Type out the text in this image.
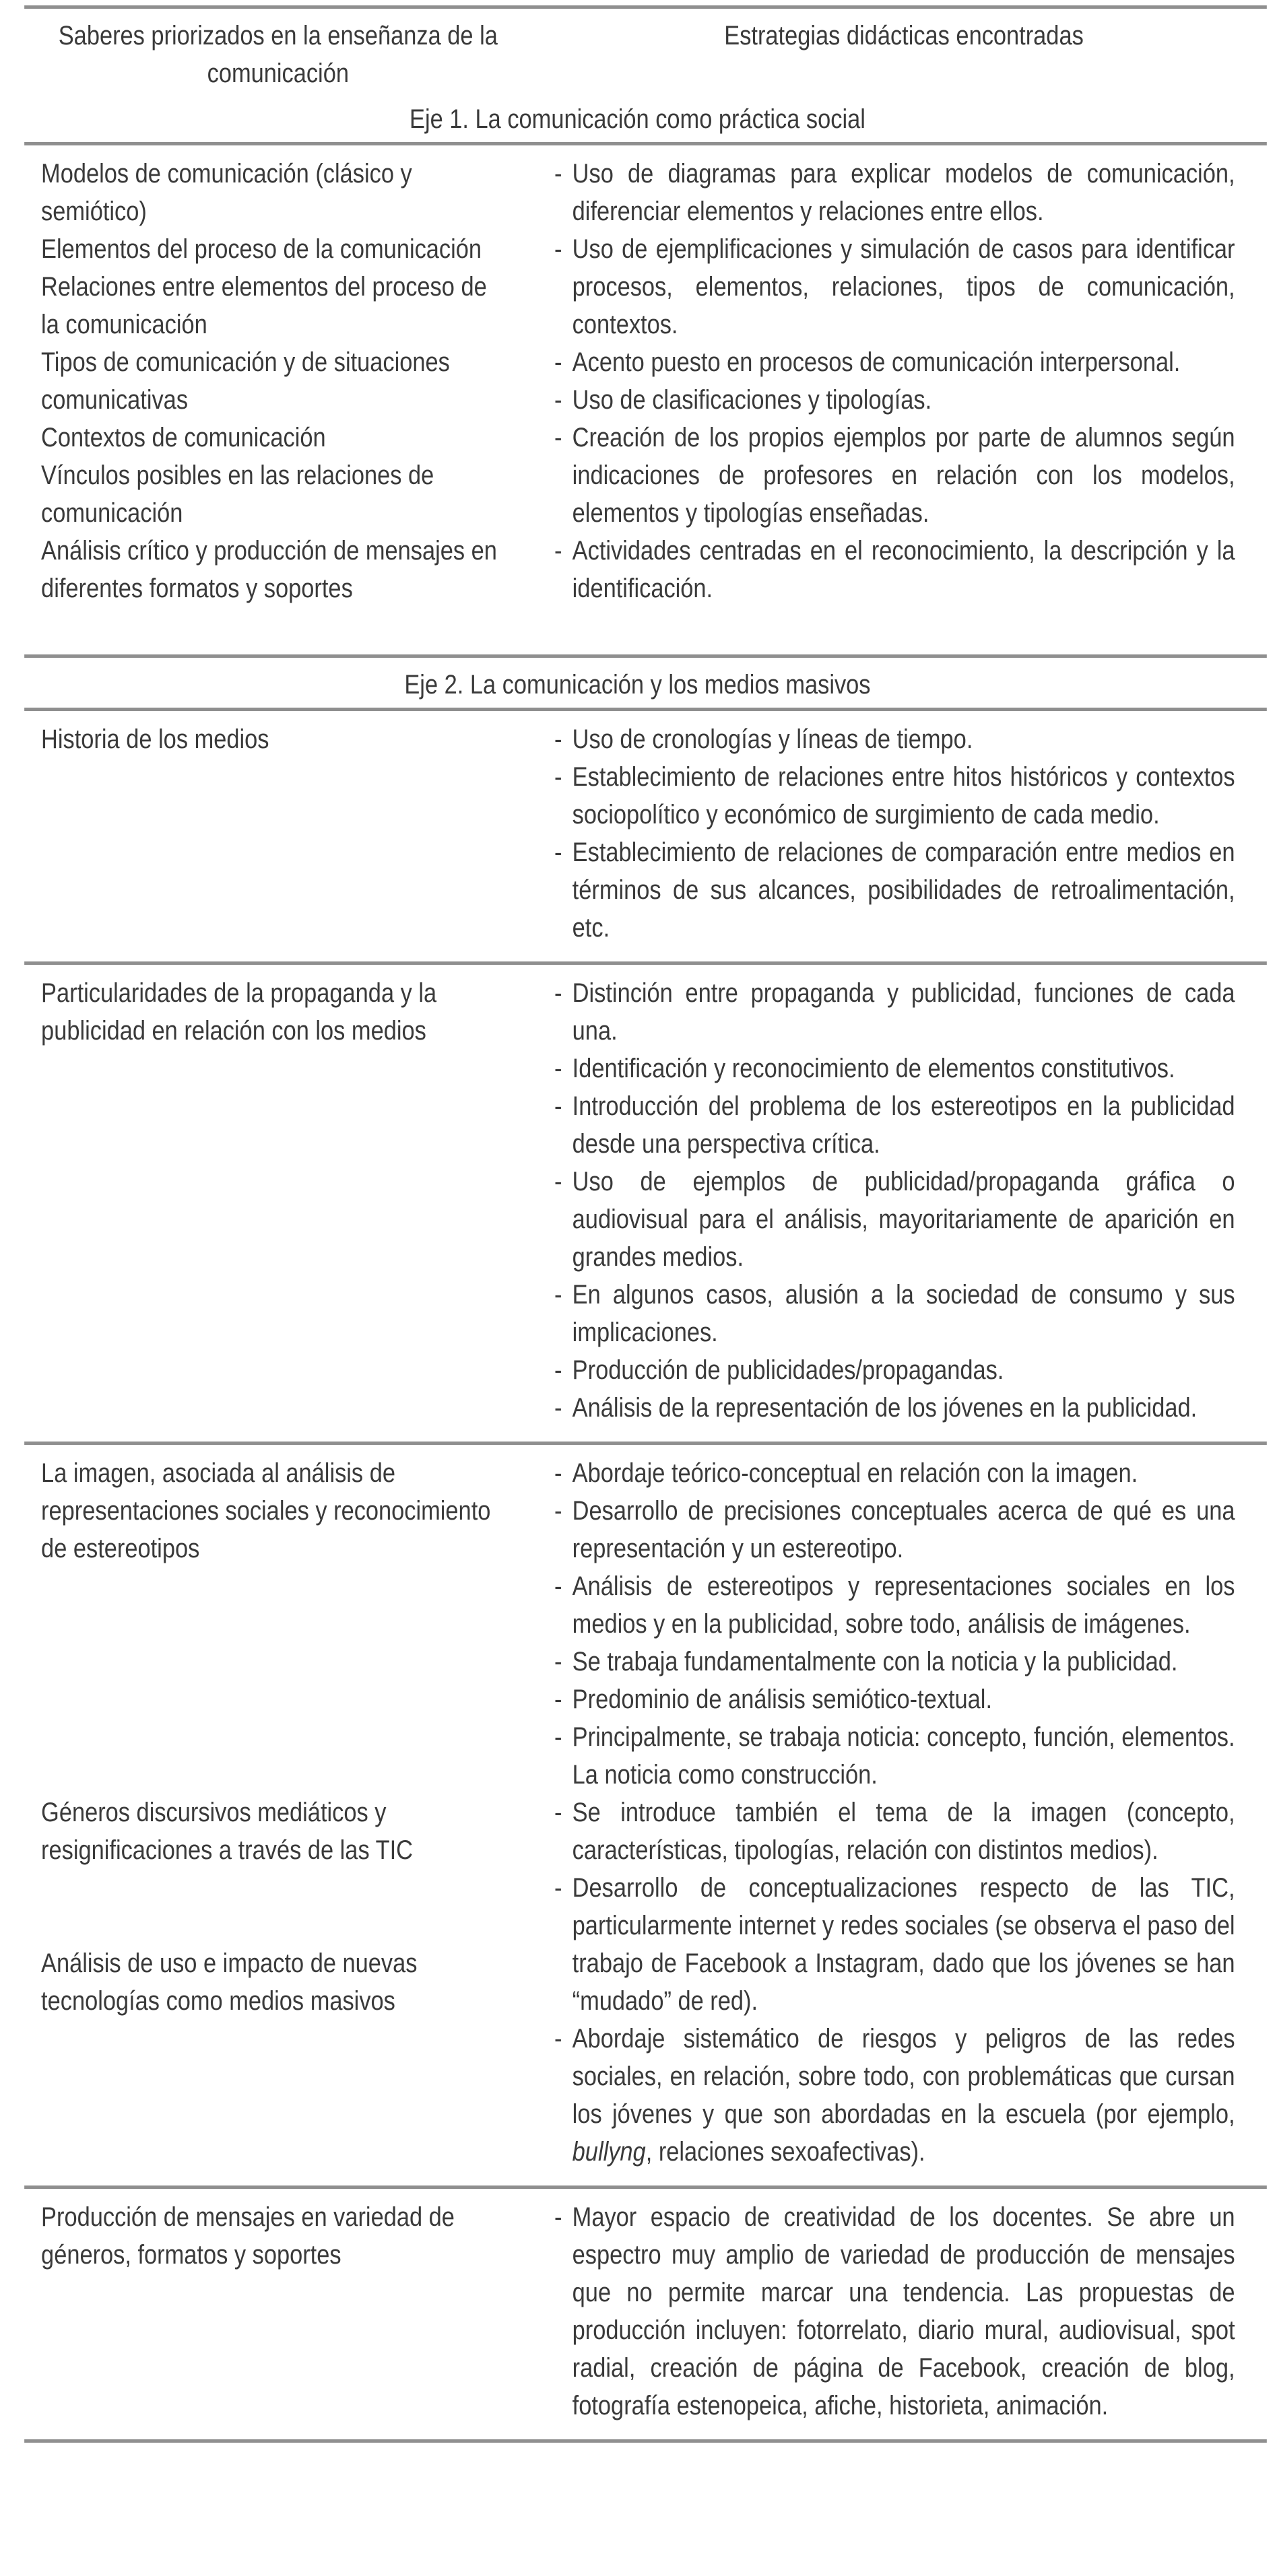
Saberes priorizados en la enseñanza de la comunicación
Estrategias didácticas encontradas
Eje 1. La comunicación como práctica social
Modelos de comunicación (clásico y semiótico)
Elementos del proceso de la comunicación
Relaciones entre elementos del proceso de la comunicación
Tipos de comunicación y de situaciones comunicativas
Contextos de comunicación
Vínculos posibles en las relaciones de comunicación
Análisis crítico y producción de mensajes en diferentes formatos y soportes
- Uso de diagramas para explicar modelos de comunicación, diferenciar elementos y relaciones entre ellos.
- Uso de ejemplificaciones y simulación de casos para identificar procesos, elementos, relaciones, tipos de comunicación, contextos.
- Acento puesto en procesos de comunicación interpersonal.
- Uso de clasificaciones y tipologías.
- Creación de los propios ejemplos por parte de alumnos según indicaciones de profesores en relación con los modelos, elementos y tipologías enseñadas.
- Actividades centradas en el reconocimiento, la descripción y la identificación.
Eje 2. La comunicación y los medios masivos
Historia de los medios	- Uso de cronologías y líneas de tiempo.
- Establecimiento de relaciones entre hitos históricos y contextos sociopolítico y económico de surgimiento de cada medio.
- Establecimiento de relaciones de comparación entre medios en términos de sus alcances, posibilidades de retroalimentación, etc.
Particularidades de la propaganda y la publicidad en relación con los medios
- Distinción entre propaganda y publicidad, funciones de cada una.
- Identificación y reconocimiento de elementos constitutivos.
- Introducción del problema de los estereotipos en la publicidad desde una perspectiva crítica.
- Uso de ejemplos de publicidad/propaganda gráfica o audiovisual para el análisis, mayoritariamente de aparición en grandes medios.
- En algunos casos, alusión a la sociedad de consumo y sus implicaciones.
- Producción de publicidades/propagandas.
- Análisis de la representación de los jóvenes en la publicidad.
La imagen, asociada al análisis de representaciones sociales y reconocimiento de estereotipos
Géneros discursivos mediáticos y resignificaciones a través de las TIC
Análisis de uso e impacto de nuevas tecnologías como medios masivos
- Abordaje teórico-conceptual en relación con la imagen.
- Desarrollo de precisiones conceptuales acerca de qué es una representación y un estereotipo.
- Análisis de estereotipos y representaciones sociales en los medios y en la publicidad, sobre todo, análisis de imágenes.
- Se trabaja fundamentalmente con la noticia y la publicidad.
- Predominio de análisis semiótico-textual.
- Principalmente, se trabaja noticia: concepto, función, elementos. La noticia como construcción.
- Se introduce también el tema de la imagen (concepto, características, tipologías, relación con distintos medios).
- Desarrollo de conceptualizaciones respecto de las TIC, particularmente internet y redes sociales (se observa el paso del trabajo de Facebook a Instagram, dado que los jóvenes se han “mudado” de red).
- Abordaje sistemático de riesgos y peligros de las redes sociales, en relación, sobre todo, con problemáticas que cursan los jóvenes y que son abordadas en la escuela (por ejemplo, bullyng, relaciones sexoafectivas).
Producción de mensajes en variedad de géneros, formatos y soportes
- Mayor espacio de creatividad de los docentes. Se abre un espectro muy amplio de variedad de producción de mensajes que no permite marcar una tendencia. Las propuestas de producción incluyen: fotorrelato, diario mural, audiovisual, spot radial, creación de página de Facebook, creación de blog, fotografía estenopeica, afiche, historieta, animación.
